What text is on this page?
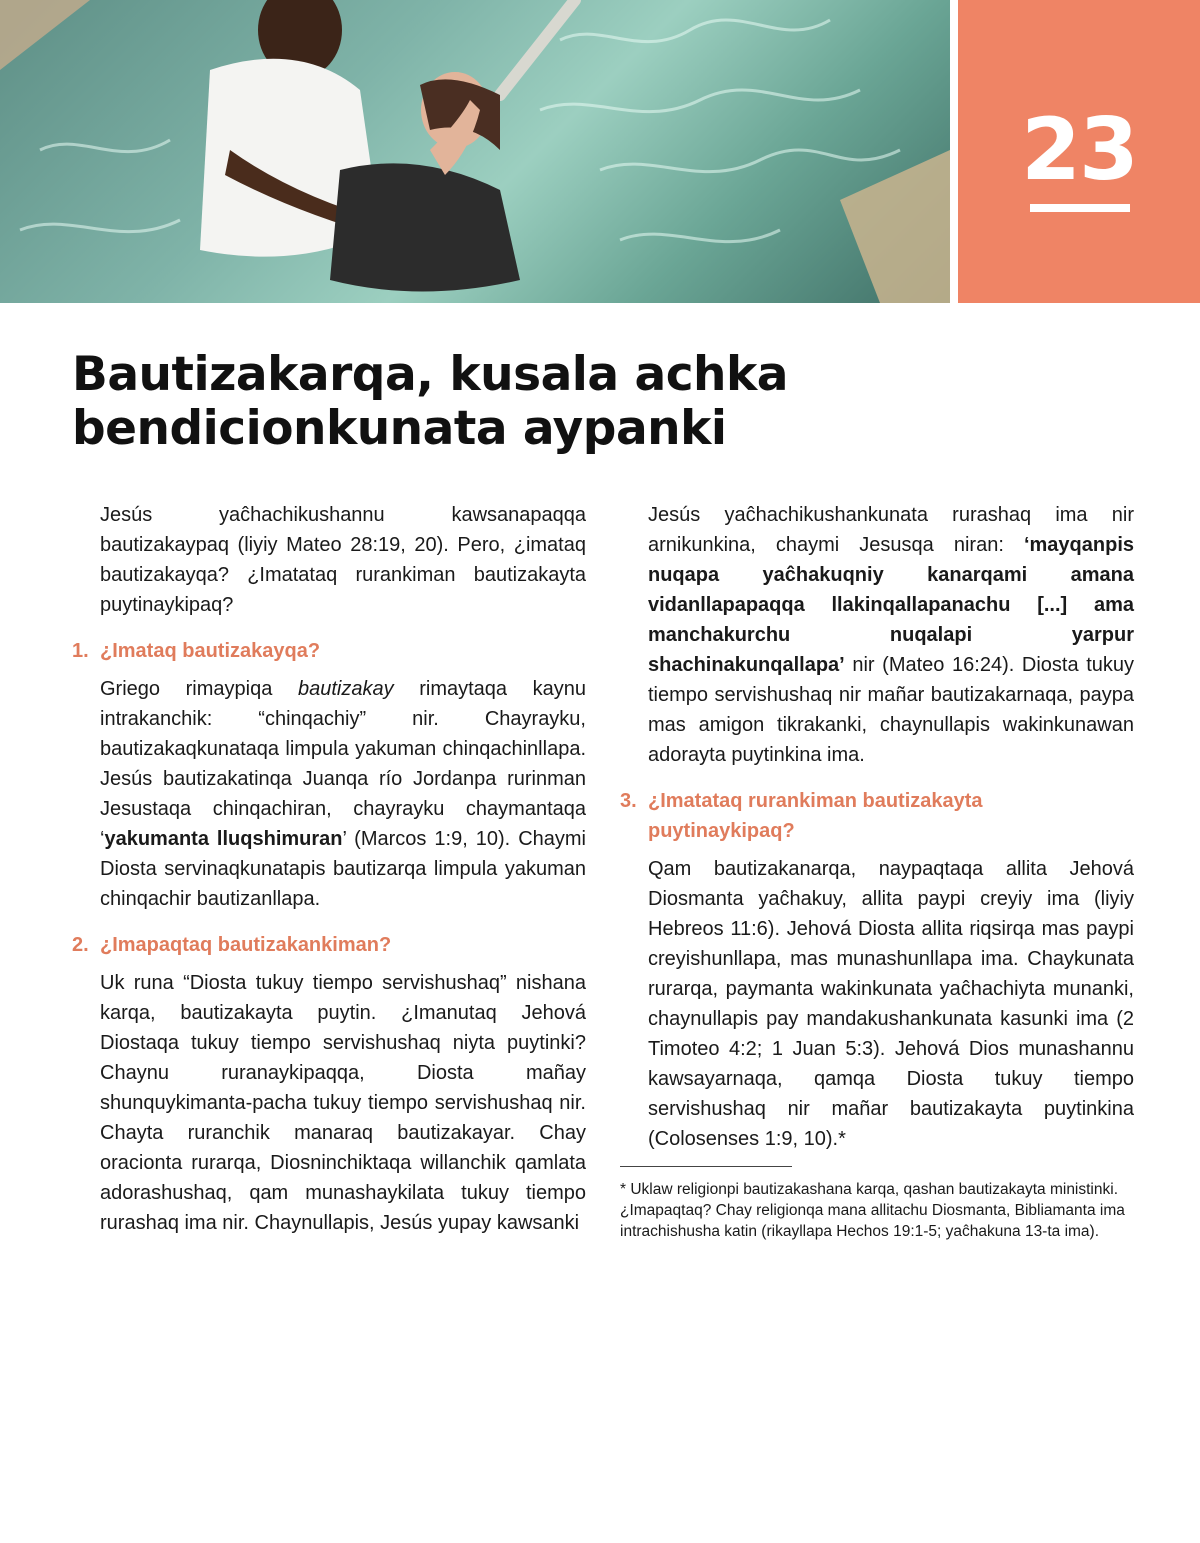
23
Bautizakarqa, kusala achka
bendicionkunata aypanki

Jesús yaĉhachikushannu kawsanapaqqa bautizakaypaq (liyiy Mateo 28:19, 20). Pero, ¿imataq bautizakayqa? ¿Imatataq rurankiman bautizakayta puytinaykipaq?

1. ¿Imataq bautizakayqa?

Griego rimaypiqa bautizakay rimaytaqa kaynu intrakanchik: “chinqachiy” nir. Chayrayku, bautizakaqkunataqa limpula yakuman chinqachinllapa. Jesús bautizakatinqa Juanqa río Jordanpa rurinman Jesustaqa chinqachiran, chayrayku chaymantaqa ‘yakumanta lluqshimuran’ (Marcos 1:9, 10). Chaymi Diosta servinaqkunatapis bautizarqa limpula yakuman chinqachir bautizanllapa.

2. ¿Imapaqtaq bautizakankiman?

Uk runa “Diosta tukuy tiempo servishushaq” nishana karqa, bautizakayta puytin. ¿Imanutaq Jehová Diostaqa tukuy tiempo servishushaq niyta puytinki? Chaynu ruranaykipaqqa, Diosta mañay shunquykimanta-pacha tukuy tiempo servishushaq nir. Chayta ruranchik manaraq bautizakayar. Chay oracionta rurarqa, Diosninchiktaqa willanchik qamlata adorashushaq, qam munashaykilata tukuy tiempo rurashaq ima nir. Chaynullapis, Jesús yupay kawsanki

Jesús yaĉhachikushankunata rurashaq ima nir arnikunkina, chaymi Jesusqa niran: ‘mayqanpis nuqapa yaĉhakuqniy kanarqami amana vidanllapapaqqa llakinqallapanachu [...] ama manchakurchu nuqalapi yarpur shachinakunqallapa’ nir (Mateo 16:24). Diosta tukuy tiempo servishushaq nir mañar bautizakarnaqa, paypa mas amigon tikrakanki, chaynullapis wakinkunawan adorayta puytinkina ima.

3. ¿Imatataq rurankiman bautizakayta puytinaykipaq?

Qam bautizakanarqa, naypaqtaqa allita Jehová Diosmanta yaĉhakuy, allita paypi creyiy ima (liyiy Hebreos 11:6). Jehová Diosta allita riqsirqa mas paypi creyishunllapa, mas munashunllapa ima. Chaykunata rurarqa, paymanta wakinkunata yaĉhachiyta munanki, chaynullapis pay mandakushankunata kasunki ima (2 Timoteo 4:2; 1 Juan 5:3). Jehová Dios munashannu kawsayarnaqa, qamqa Diosta tukuy tiempo servishushaq nir mañar bautizakayta puytinkina (Colosenses 1:9, 10).*

* Uklaw religionpi bautizakashana karqa, qashan bautizakayta ministinki. ¿Imapaqtaq? Chay religionqa mana allitachu Diosmanta, Bibliamanta ima intrachishusha katin (rikayllapa Hechos 19:1-5; yaĉhakuna 13-ta ima).
